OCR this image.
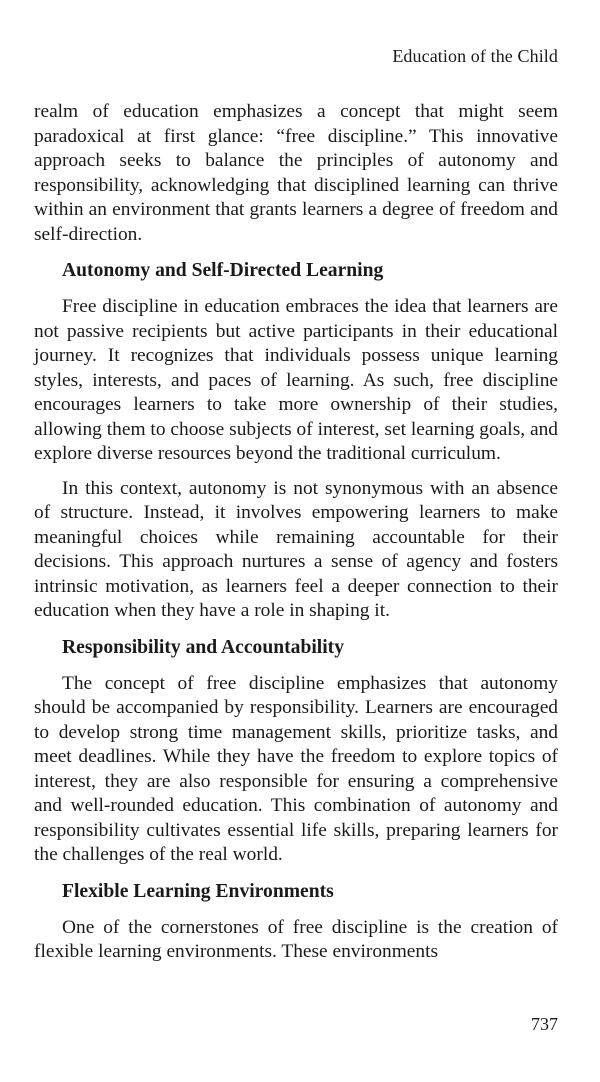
Education of the Child

realm of education emphasizes a concept that might seem paradoxical at first glance: “free discipline.” This innovative approach seeks to balance the principles of autonomy and responsibility, acknowledging that disciplined learning can thrive within an environment that grants learners a degree of freedom and self-direction.

Autonomy and Self-Directed Learning

Free discipline in education embraces the idea that learners are not passive recipients but active participants in their educational journey. It recognizes that individuals possess unique learning styles, interests, and paces of learning. As such, free discipline encourages learners to take more ownership of their studies, allowing them to choose subjects of interest, set learning goals, and explore diverse resources beyond the traditional curriculum.

In this context, autonomy is not synonymous with an absence of structure. Instead, it involves empowering learners to make meaningful choices while remaining accountable for their decisions. This approach nurtures a sense of agency and fosters intrinsic motivation, as learners feel a deeper connection to their education when they have a role in shaping it.

Responsibility and Accountability

The concept of free discipline emphasizes that autonomy should be accompanied by responsibility. Learners are encouraged to develop strong time management skills, prioritize tasks, and meet deadlines. While they have the freedom to explore topics of interest, they are also responsible for ensuring a comprehensive and well-rounded education. This combination of autonomy and responsibility cultivates essential life skills, preparing learners for the challenges of the real world.

Flexible Learning Environments

One of the cornerstones of free discipline is the creation of flexible learning environments. These environments

737
